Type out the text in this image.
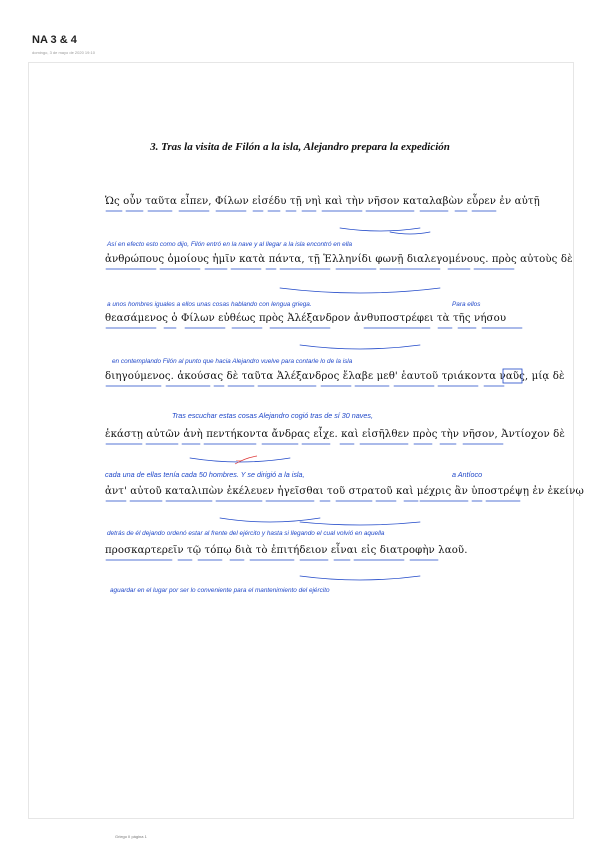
NA 3 & 4
domingo, 3 de mayo de 2020 19:10
3. Tras la visita de Filón a la isla, Alejandro prepara la expedición
Ὡς οὖν ταῦτα εἶπεν, Φίλων εἰσέδυ τῇ νηὶ καὶ τὴν νῆσον καταλαβὼν εὗρεν ἐν αὐτῇ
ἀνθρώπους ὁμοίους ἡμῖν κατὰ πάντα, τῇ Ἑλληνίδι φωνῇ διαλεγομένους. πρὸς αὐτοὺς δὲ
θεασάμενος ὁ Φίλων εὐθέως πρὸς Ἀλέξανδρον ἀνθυποστρέφει τὰ τῆς νήσου
διηγούμενος. ἀκούσας δὲ ταῦτα Ἀλέξανδρος ἔλαβε μεθ' ἑαυτοῦ τριάκοντα ναῦς, μίᾳ δὲ
ἑκάστῃ αὐτῶν ἀνὴ πεντήκοντα ἄνδρας εἶχε. καὶ εἰσῆλθεν πρὸς τὴν νῆσον, Ἀντίοχον δὲ
ἀντ' αὐτοῦ καταλιπὼν ἐκέλευεν ἡγεῖσθαι τοῦ στρατοῦ καὶ μέχρις ἂν ὑποστρέψῃ ἐν ἐκείνῳ
προσκαρτερεῖν τῷ τόπῳ διὰ τὸ ἐπιτήδειον εἶναι εἰς διατροφὴν λαοῦ.
Así en efecto esto como dijo, Filón entró en la nave y al llegar a la isla encontró en ella
a unos hombres iguales a ellos unas cosas hablando con lengua griega.	Para ellos
en contemplando Filón al punto que hacia Alejandro vuelve para contarle lo de la isla
Tras escuchar estas cosas Alejandro cogió tras de sí 30 naves,
cada una de ellas tenía cada 50 hombres. Y se dirigió a la isla,	a Antíoco
detrás de él dejando ordenó estar al frente del ejército y hasta si llegando el cual volvió en aquella
aguardar en el lugar por ser lo conveniente para el mantenimiento del ejército
—
Griego II página 1
